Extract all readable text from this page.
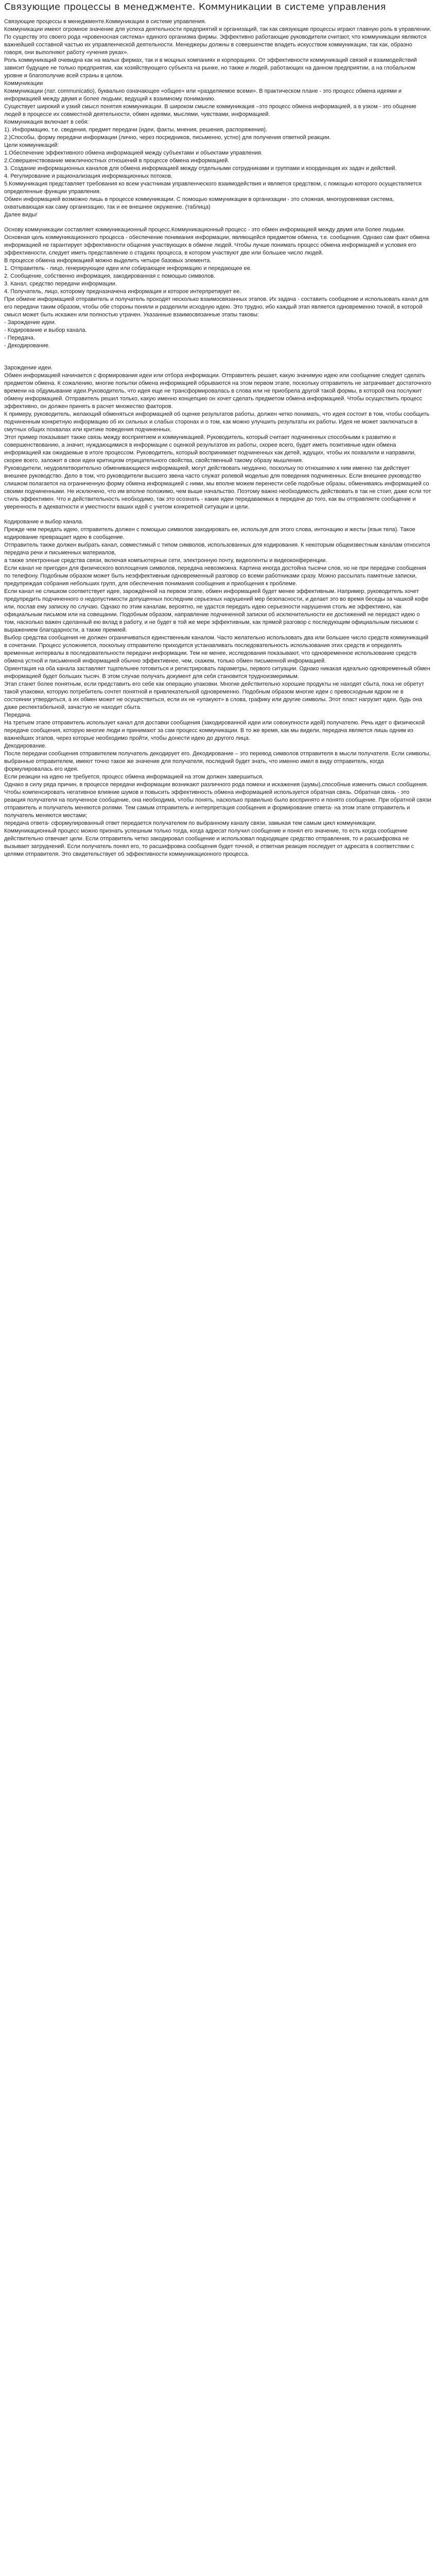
Связующие процессы в менеджменте. Коммуникации в системе управления

Связующие процессы в менеджменте.Коммуникации в системе управления.

Коммуникации имеют огромное значение для успеха деятельности предприятий и организаций, так как связующие процессы играют главную роль в управлении. По существу это своего рода «кровеносная система» единого организма фирмы. Эффективно работающие руководители считают, что коммуникации являются важнейшей составной частью их управленческой деятельности. Менеджеры должны в совершенстве владеть искусством коммуникации, так как, образно говоря, они выполняют работу «учения руках».

Роль коммуникаций очевидна как на малых фирмах, так и в мощных компаниях и корпорациях. От эффективности коммуникаций связей и взаимодействий зависит будущее не только предприятия, как хозяйствующего субъекта на рынке, но также и людей, работающих на данном предприятии, а на глобальном уровне и благополучие всей страны в целом.

Коммуникации

Коммуникации (лат. communicatio), буквально означающее «общее» или «разделяемое всеми». В практическом плане - это процесс обмена идеями и информацией между двумя и более людьми, ведущий к взаимному пониманию.

Существует широкий и узкий смысл понятия коммуникации. В широком смысле коммуникация –это процесс обмена информацией, а в узком - это общение людей в процессе их совместной деятельности, обмен идеями, мыслями, чувствами, информацией.

Коммуникация включает в себя:

1). Информацию, т.е. сведения, предмет передачи (идеи, факты, мнения, решения, распоряжения).

2.)Способы, форму передачи информации (лично, через посредников, письменно, устно) для получения ответной реакции.

Цели коммуникаций:

1.Обеспечение эффективного обмена информацией между субъектами и объектами управления.

2.Совершенствование межличностных отношений в процессе обмена информацией.

3. Создание информационных каналов для обмена информацией между отдельными сотрудниками и группами и координация их задач и действий.

4. Регулирование и рационализация информационных потоков.

5.Коммуникация представляет требования ко всем участникам управленческого взаимодействия и является средством, с помощью которого осуществляется определенные функции управления.

Обмен информацией возможно лишь в процессе коммуникации. С помощью коммуникации в организации - это сложная, многоуровневая система, охватывающая как саму организацию, так и ее внешнее окружение. (таблица)

Далее виды!

Основу коммуникации составляет коммуникационный процесс.Коммуникационный процесс - это обмен информацией между двумя или более людьми.

Основная цель коммуникационного процесса - обеспечение понимания информации, являющейся предметом обмена, т.е. сообщения. Однако сам факт обмена информацией не гарантирует эффективности общения участвующих в обмене людей. Чтобы лучше понимать процесс обмена информацией и условия его эффективности, следует иметь представление о стадиях процесса, в котором участвуют две или большее число людей.

В процессе обмена информацией можно выделить четыре базовых элемента.

1. Отправитель - лицо, генерирующее идеи или собирающее информацию и передающее ее.

2. Сообщение, собственно информация, закодированная с помощью символов.

3. Канал, средство передачи информации.

4. Получатель, лицо, которому предназначена информация и которое интерпретирует ее.

При обмене информацией отправитель и получатель проходят несколько взаимосвязанных этапов. Их задача - составить сообщение и использовать канал для его передачи таким образом, чтобы обе стороны поняли и разделили исходную идею. Это трудно, ибо каждый этап является одновременно точкой, в которой смысл может быть искажен или полностью утрачен. Указанные взаимосвязанные этапы таковы:

- Зарождение идеи.

- Кодирование и выбор канала.

- Передача.

- Декодирование.

Зарождение идеи.

Обмен информацией начинается с формирования идеи или отбора информации. Отправитель решает, какую значимую идею или сообщение следует сделать предметом обмена. К сожалению, многие попытки обмена информацией обрываются на этом первом этапе, поскольку отправитель не затрачивает достаточного времени на обдумывание идеи.Руководитель, что идея еще не трансформировалась в слова или не приобрела другой такой формы, в которой она послужит обмену информацией. Отправитель решил только, какую именно концепцию он хочет сделать предметом обмена информацией. Чтобы осуществить процесс эффективно, он должен принять в расчет множество факторов.

К примеру, руководитель, желающий обменяться информацией об оценке результатов работы, должен четко понимать, что идея состоит в том, чтобы сообщить подчиненным конкретную информацию об их сильных и слабых сторонах и о том, как можно улучшить результаты их работы. Идея не может заключаться в смутных общих похвалах или критике поведения подчиненных.

Этот пример показывает также связь между восприятием и коммуникацией. Руководитель, который считает подчиненных способными к развитию и совершенствованию, а значит, нуждающимися в информации с оценкой результатов их работы, скорее всего, будет иметь позитивные идеи обмена информацией как ожидаемые в итоге процессом. Руководитель, который воспринимает подчиненных как детей, ждущих, чтобы их похвалили и направили, скорее всего, заложит в свои идеи критицизм отрицательного свойства, свойственный такому образу мышления.

Руководители, неудовлетворительно обменивающиеся информацией, могут действовать неудачно, поскольку по отношению к ним именно так действует внешнее руководство. Дело в том, что руководители высшего звена часто служат ролевой моделью для поведения подчиненных. Если внешнее руководство слишком полагается на ограниченную форму обмена информацией с ними, мы вполне можем перенести себе подобные образы, обмениваясь информацией со своими подчиненными. Не исключено, что им вполне положимо, чем выше начальство. Поэтому важно необходимость действовать в так не стоит, даже если тот стиль эффективен. Что и действительность необходимо, так это осознать - какие идеи передаваемых в передаче до того, как вы отправляете сообщение и уверенность в адекватности и уместности ваших идей с учетом конкретной ситуации и цели.

Кодирование и выбор канала.

Прежде чем передать идею, отправитель должен с помощью символов закодировать ее, используя для этого слова, интонацию и жесты (язык тела). Такое кодирование превращает идею в сообщение.

Отправитель также должен выбрать канал, совместимый с типом символов, использованных для кодирования. К некоторым общеизвестным каналам относится передача речи и письменных материалов,

а также электронные средства связи, включая компьютерные сети, электронную почту, видеоленты и видеоконференции.

Если канал не пригоден для физического воплощения символов, передача невозможна. Картина иногда достойна тысячи слов, но не при передаче сообщения по телефону. Подобным образом может быть неэффективным одновременный разговор со всеми работниками сразу. Можно рассылать памятные записки, предупреждая собрания небольших групп, для обеспечения понимания сообщения и приобщения к проблеме.

Если канал не слишком соответствует идее, зарождённой на первом этапе, обмен информацией будет менее эффективным. Например, руководитель хочет предупредить подчиненного о недопустимости допущенных последним серьезных нарушений мер безопасности, и делает это во время беседы за чашкой кофе или, послав ему записку по случаю. Однако по этим каналам, вероятно, не удастся передать идею серьезности нарушения столь же эффективно, как официальным письмом или на совещании. Подобным образом, направление подчиненной записки об исключительности ее достижений не передаст идею о том, насколько важен сделанный ею вклад в работу, и не будет в той же мере эффективным, как прямой разговор с последующим официальным письмом с выражением благодарности, а также премией.

Выбор средства сообщения не должен ограничиваться единственным каналом. Часто желательно использовать два или большее число средств коммуникаций в сочетании. Процесс усложняется, поскольку отправителю приходится устанавливать последовательность использования этих средств и определять временные интервалы в последовательности передачи информации. Тем не менее, исследования показывают, что одновременное использование средств обмена устной и письменной информацией обычно эффективнее, чем, скажем, только обмен письменной информацией.

Ориентация на оба канала заставляет тщательнее готовиться и регистрировать параметры, первого ситуации. Однако никакая идеально одновременный обмен информацией будет больших тысяч. В этом случае получать документ для себя становится трудноизмеримым.

Этап станет более понятным, если представить его себе как операцию упаковки. Многие действительно хорошие продукты не находят сбыта, пока не обретут такой упаковки, которую потребитель сочтет понятной и привлекательной одновременно. Подобным образом многие идеи с превосходным ядром не в состоянии утвердиться, а их обмен может не осуществиться, если их не «упакуют» в слова, графику или другие символы. Этот пласт нагрузит идеи, будь она даже респектабельной, зачастую не находит сбыта.

Передача.

На третьем этапе отправитель использует канал для доставки сообщения (закодированной идеи или совокупности идей) получателю. Речь идет о физической передаче сообщения, которую многие люди и принимают за сам процесс коммуникации. В то же время, как мы видели, передача является лишь одним из важнейших этапов, через которые необходимо пройти, чтобы донести идею до другого лица.

Декодирование.

После передачи сообщения отправителем получатель декодирует его. Декодирование – это перевод символов отправителя в мысли получателя. Если символы, выбранные отправителем, имеют точно такое же значение для получателя, последний будет знать, что именно имел в виду отправитель, когда формулировалась его идея.

Если реакции на идею не требуется, процесс обмена информацией на этом должен завершиться.

Однако в силу ряда причин, в процессе передачи информации возникают различного рода помехи и искажения (шумы),способные изменить смысл сообщения.

Чтобы компенсировать негативное влияние шумов и повысить эффективность обмена информацией используется обратная связь. Обратная связь - это реакция получателя на полученное сообщение, она необходима, чтобы понять, насколько правильно было воспринято и понято сообщение. При обратной связи отправитель и получатель меняются ролями. Тем самым отправитель и интерпретация сообщения и формирование ответа- на этом этапе отправитель и получатель меняются местами;

передача ответа- сформулированный ответ передается получателем по выбранному каналу связи, замыкая тем самым цикл коммуникации.

Коммуникационный процесс можно признать успешным только тогда, когда адресат получил сообщение и понял его значение, то есть когда сообщение действительно отвечает цели. Если отправитель четко закодировал сообщение и использовал подходящее средство отправления, то и расшифровка не вызывает затруднений. Если получатель понял его, то расшифровка сообщения будет точной, и ответная реакция последует от адресата в соответствии с целями отправителя. Это свидетельствует об эффективности коммуникационного процесса.
